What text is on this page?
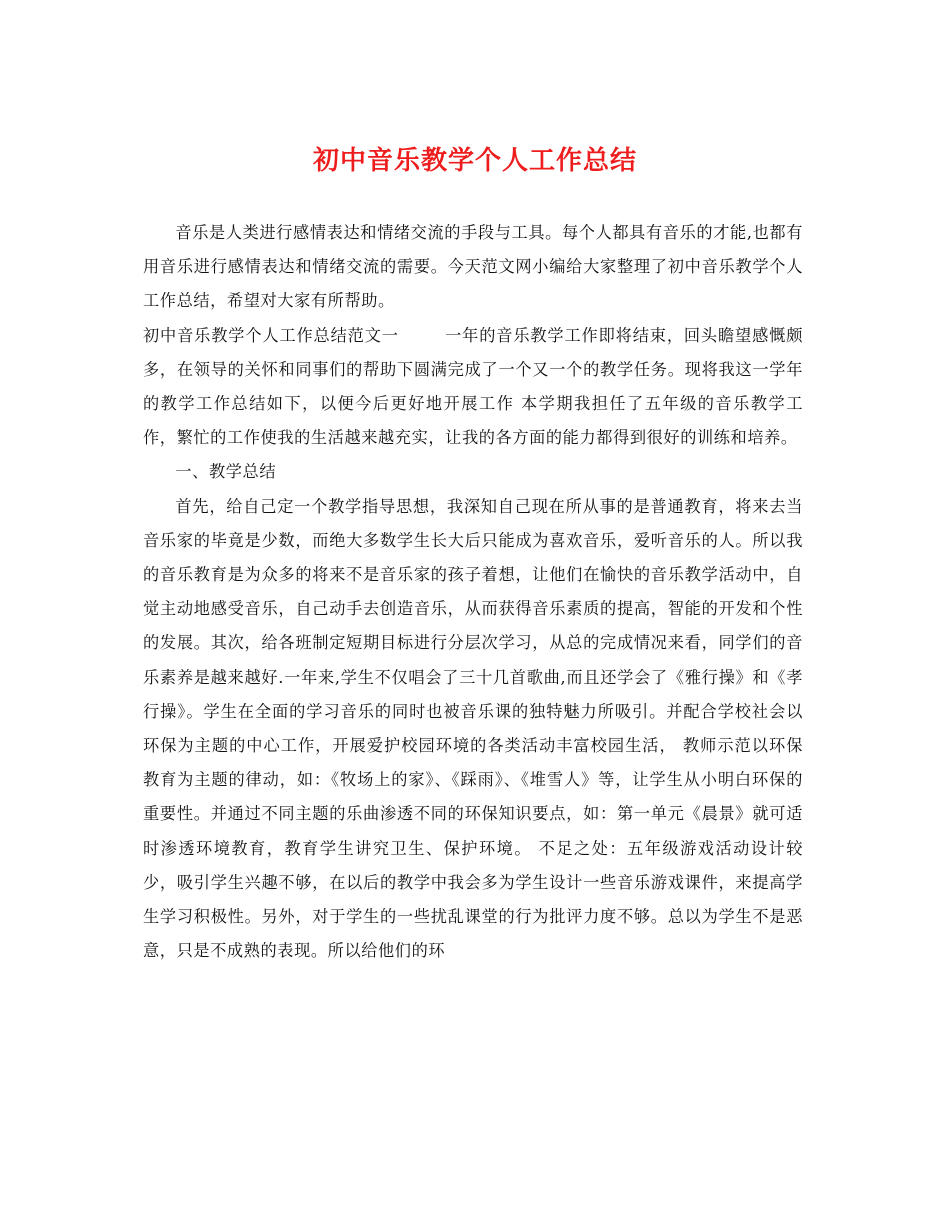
初中音乐教学个人工作总结

音乐是人类进行感情表达和情绪交流的手段与工具。每个人都具有音乐的才能,也都有用音乐进行感情表达和情绪交流的需要。今天范文网小编给大家整理了初中音乐教学个人工作总结，希望对大家有所帮助。

初中音乐教学个人工作总结范文一	一年的音乐教学工作即将结束，回头瞻望感慨颇多，在领导的关怀和同事们的帮助下圆满完成了一个又一个的教学任务。现将我这一学年的教学工作总结如下，以便今后更好地开展工作 本学期我担任了五年级的音乐教学工作，繁忙的工作使我的生活越来越充实，让我的各方面的能力都得到很好的训练和培养。

一、教学总结

首先，给自己定一个教学指导思想，我深知自己现在所从事的是普通教育，将来去当音乐家的毕竟是少数，而绝大多数学生长大后只能成为喜欢音乐，爱听音乐的人。所以我的音乐教育是为众多的将来不是音乐家的孩子着想，让他们在愉快的音乐教学活动中，自觉主动地感受音乐，自己动手去创造音乐，从而获得音乐素质的提高，智能的开发和个性的发展。其次，给各班制定短期目标进行分层次学习，从总的完成情况来看，同学们的音乐素养是越来越好.一年来,学生不仅唱会了三十几首歌曲,而且还学会了《雅行操》和《孝行操》。学生在全面的学习音乐的同时也被音乐课的独特魅力所吸引。并配合学校社会以环保为主题的中心工作，开展爱护校园环境的各类活动丰富校园生活， 教师示范以环保教育为主题的律动，如：《牧场上的家》、《踩雨》、《堆雪人》等，让学生从小明白环保的重要性。并通过不同主题的乐曲渗透不同的环保知识要点，如：第一单元《晨景》就可适时渗透环境教育，教育学生讲究卫生、保护环境。 不足之处：五年级游戏活动设计较少，吸引学生兴趣不够，在以后的教学中我会多为学生设计一些音乐游戏课件，来提高学生学习积极性。另外，对于学生的一些扰乱课堂的行为批评力度不够。总以为学生不是恶意，只是不成熟的表现。所以给他们的环
